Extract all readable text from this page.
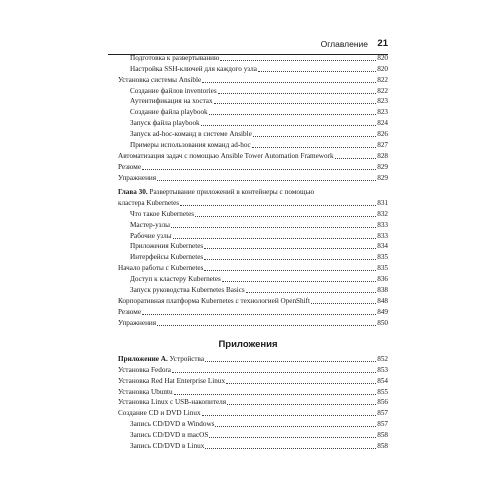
Оглавление 21
Подготовка к развертыванию	820
Настройка SSH-ключей для каждого узла	820
Установка системы Ansible	822
Создание файлов inventories	822
Аутентификация на хостах	823
Создание файла playbook	823
Запуск файла playbook	824
Запуск ad-hoc-команд в системе Ansible	826
Примеры использования команд ad-hoc	827
Автоматизация задач с помощью Ansible Tower Automation Framework	828
Резюме	829
Упражнения	829
Глава 30. Развертывание приложений в контейнеры с помощью
кластера Kubernetes	831
Что такое Kubernetes	832
Мастер-узлы	833
Рабочие узлы	833
Приложения Kubernetes	834
Интерфейсы Kubernetes	835
Начало работы с Kubernetes	835
Доступ к кластеру Kubernetes	836
Запуск руководства Kubernetes Basics	838
Корпоративная платформа Kubernetes с технологией OpenShift	848
Резюме	849
Упражнения	850
Приложения
Приложение А. Устройства	852
Установка Fedora	853
Установка Red Hat Enterprise Linux	854
Установка Ubuntu	855
Установка Linux с USB-накопителя	856
Создание CD и DVD Linux	857
Запись CD/DVD в Windows	857
Запись CD/DVD в macOS	858
Запись CD/DVD в Linux	858
